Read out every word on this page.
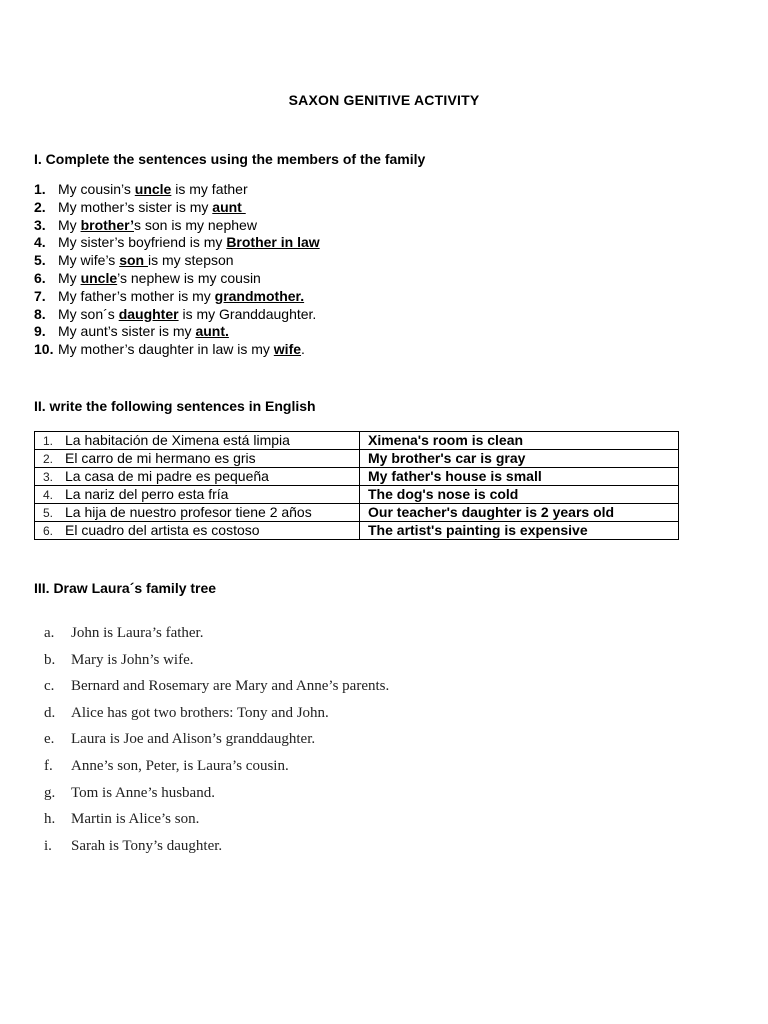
SAXON GENITIVE ACTIVITY
I. Complete the sentences using the members of the family
1. My cousin’s uncle is my father
2. My mother’s sister is my aunt
3. My brother’s son is my nephew
4. My sister’s boyfriend is my Brother in law
5. My wife’s son is my stepson
6. My uncle’s nephew is my cousin
7. My father’s mother is my grandmother.
8. My son´s daughter is my Granddaughter.
9. My aunt’s sister is my aunt.
10. My mother’s daughter in law is my wife.
II. write the following sentences in English
1. La habitación de Ximena está limpia	Ximena's room is clean
2. El carro de mi hermano es gris	My brother's car is gray
3. La casa de mi padre es pequeña	My father's house is small
4. La nariz del perro esta fría	The dog's nose is cold
5. La hija de nuestro profesor tiene 2 años	Our teacher's daughter is 2 years old
6. El cuadro del artista es costoso	The artist's painting is expensive
III. Draw Laura´s family tree
a. John is Laura’s father.
b. Mary is John’s wife.
c. Bernard and Rosemary are Mary and Anne’s parents.
d. Alice has got two brothers: Tony and John.
e. Laura is Joe and Alison’s granddaughter.
f. Anne’s son, Peter, is Laura’s cousin.
g. Tom is Anne’s husband.
h. Martin is Alice’s son.
i. Sarah is Tony’s daughter.
